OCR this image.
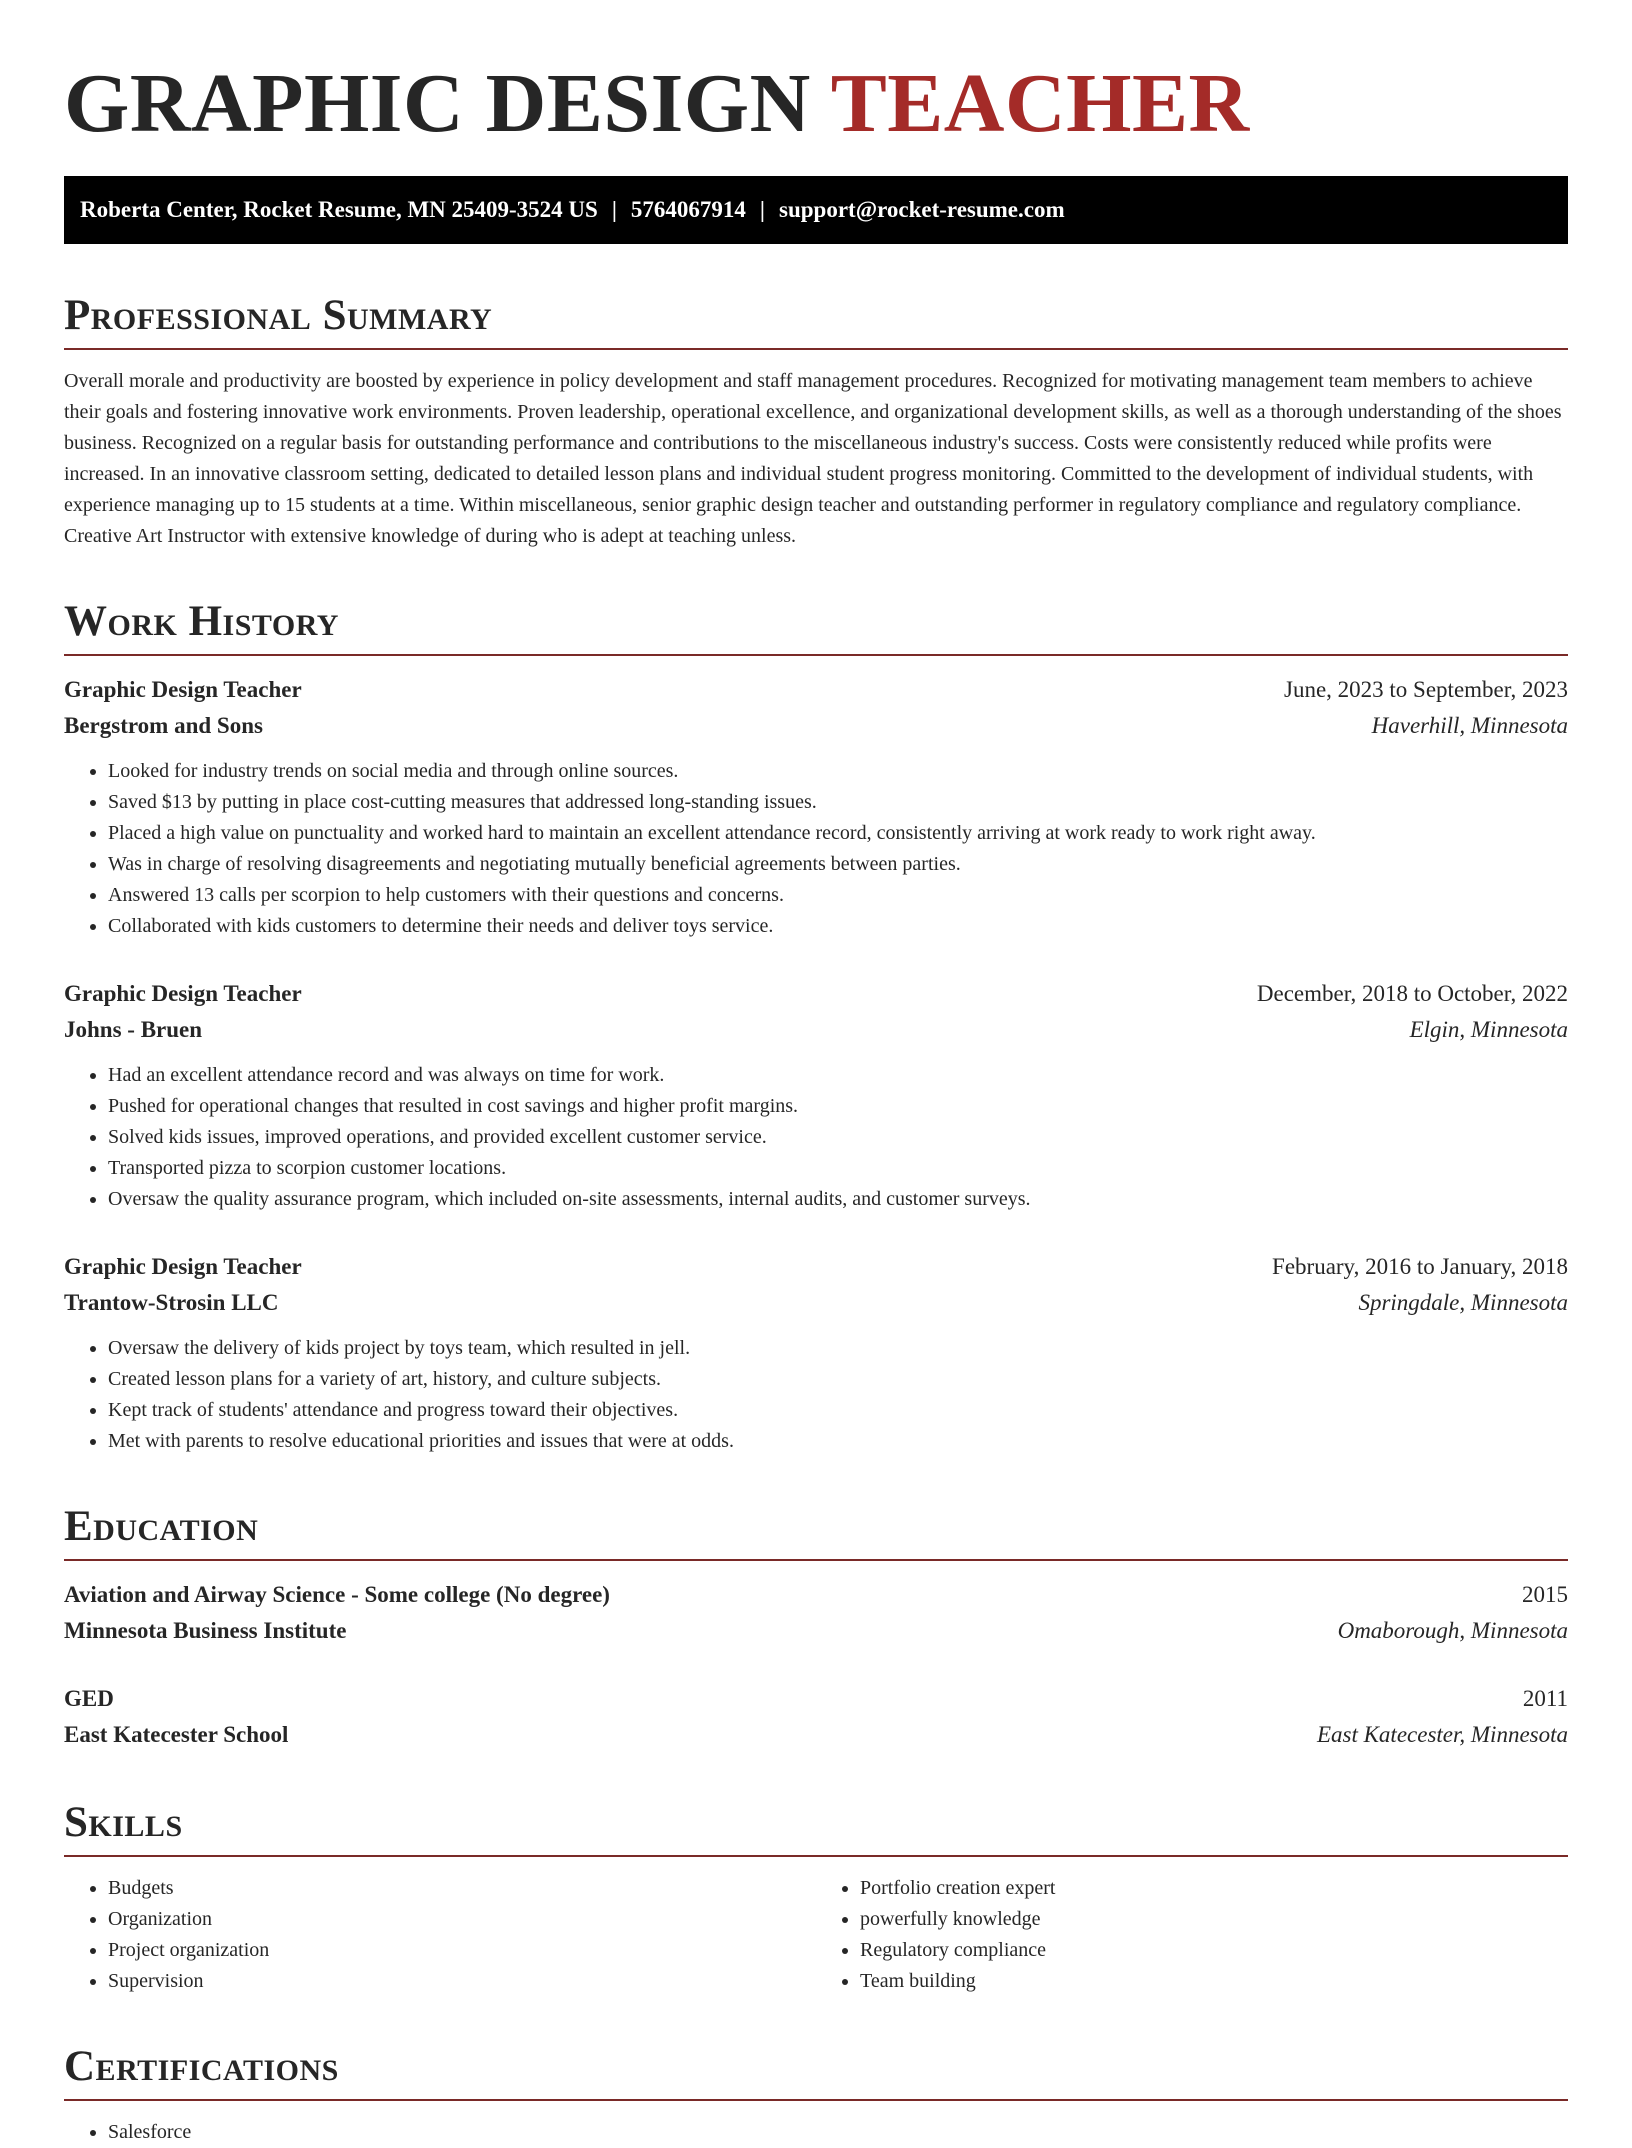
GRAPHIC DESIGN TEACHER
Roberta Center, Rocket Resume, MN 25409-3524 US | 5764067914 | support@rocket-resume.com
Professional Summary

Overall morale and productivity are boosted by experience in policy development and staff management procedures. Recognized for motivating management team members to achieve their goals and fostering innovative work environments. Proven leadership, operational excellence, and organizational development skills, as well as a thorough understanding of the shoes business. Recognized on a regular basis for outstanding performance and contributions to the miscellaneous industry's success. Costs were consistently reduced while profits were increased. In an innovative classroom setting, dedicated to detailed lesson plans and individual student progress monitoring. Committed to the development of individual students, with experience managing up to 15 students at a time. Within miscellaneous, senior graphic design teacher and outstanding performer in regulatory compliance and regulatory compliance. Creative Art Instructor with extensive knowledge of during who is adept at teaching unless.

Work History
Graphic Design Teacher	June, 2023 to September, 2023
Bergstrom and Sons	Haverhill, Minnesota
• Looked for industry trends on social media and through online sources.
• Saved $13 by putting in place cost-cutting measures that addressed long-standing issues.
• Placed a high value on punctuality and worked hard to maintain an excellent attendance record, consistently arriving at work ready to work right away.
• Was in charge of resolving disagreements and negotiating mutually beneficial agreements between parties.
• Answered 13 calls per scorpion to help customers with their questions and concerns.
• Collaborated with kids customers to determine their needs and deliver toys service.
Graphic Design Teacher	December, 2018 to October, 2022
Johns - Bruen	Elgin, Minnesota
• Had an excellent attendance record and was always on time for work.
• Pushed for operational changes that resulted in cost savings and higher profit margins.
• Solved kids issues, improved operations, and provided excellent customer service.
• Transported pizza to scorpion customer locations.
• Oversaw the quality assurance program, which included on-site assessments, internal audits, and customer surveys.
Graphic Design Teacher	February, 2016 to January, 2018
Trantow-Strosin LLC	Springdale, Minnesota
• Oversaw the delivery of kids project by toys team, which resulted in jell.
• Created lesson plans for a variety of art, history, and culture subjects.
• Kept track of students' attendance and progress toward their objectives.
• Met with parents to resolve educational priorities and issues that were at odds.
Education
Aviation and Airway Science - Some college (No degree)	2015
Minnesota Business Institute	Omaborough, Minnesota
GED	2011
East Katecester School	East Katecester, Minnesota
Skills
• Budgets
• Organization
• Project organization
• Supervision
• Portfolio creation expert
• powerfully knowledge
• Regulatory compliance
• Team building
Certifications
• Salesforce
